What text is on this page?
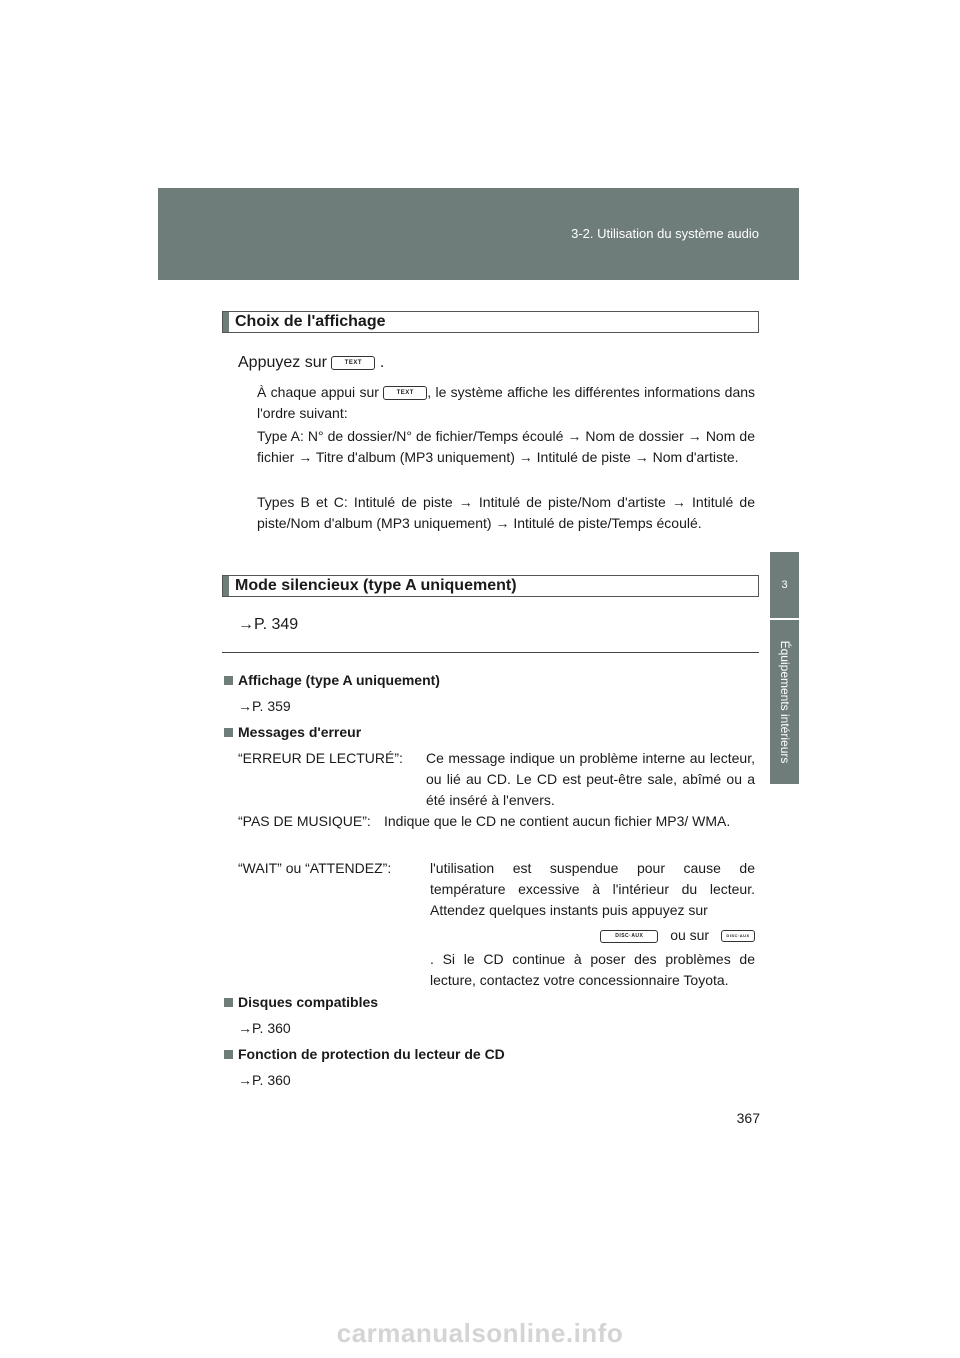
3-2. Utilisation du système audio
3
Équipements intérieurs
Choix de l'affichage
Appuyez sur	TEXT .
À chaque appui sur	TEXT , le système affiche les différentes informations dans l'ordre suivant:
Type A: N° de dossier/N° de fichier/Temps écoulé → Nom de dossier → Nom de fichier → Titre d'album (MP3 uniquement) → Intitulé de piste → Nom d'artiste.
Types B et C: Intitulé de piste → Intitulé de piste/Nom d'artiste → Intitulé de piste/Nom d'album (MP3 uniquement) → Intitulé de piste/Temps écoulé.
Mode silencieux (type A uniquement)
→P. 349
Affichage (type A uniquement)
→P. 359
Messages d'erreur
“ERREUR DE LECTURÉ”: Ce message indique un problème interne au lecteur, ou lié au CD. Le CD est peut-être sale, abîmé ou a été inséré à l'envers.
“PAS DE MUSIQUE”: Indique que le CD ne contient aucun fichier MP3/ WMA.
“WAIT” ou “ATTENDEZ”:	l'utilisation est suspendue pour cause de température excessive à l'intérieur du lecteur. Attendez quelques instants puis appuyez sur
DISC·AUX ou sur	DISC·AUX
. Si le CD continue à poser des problèmes de lecture, contactez votre concessionnaire Toyota.
Disques compatibles
→P. 360
Fonction de protection du lecteur de CD
→P. 360
367
carmanualsonline.info
